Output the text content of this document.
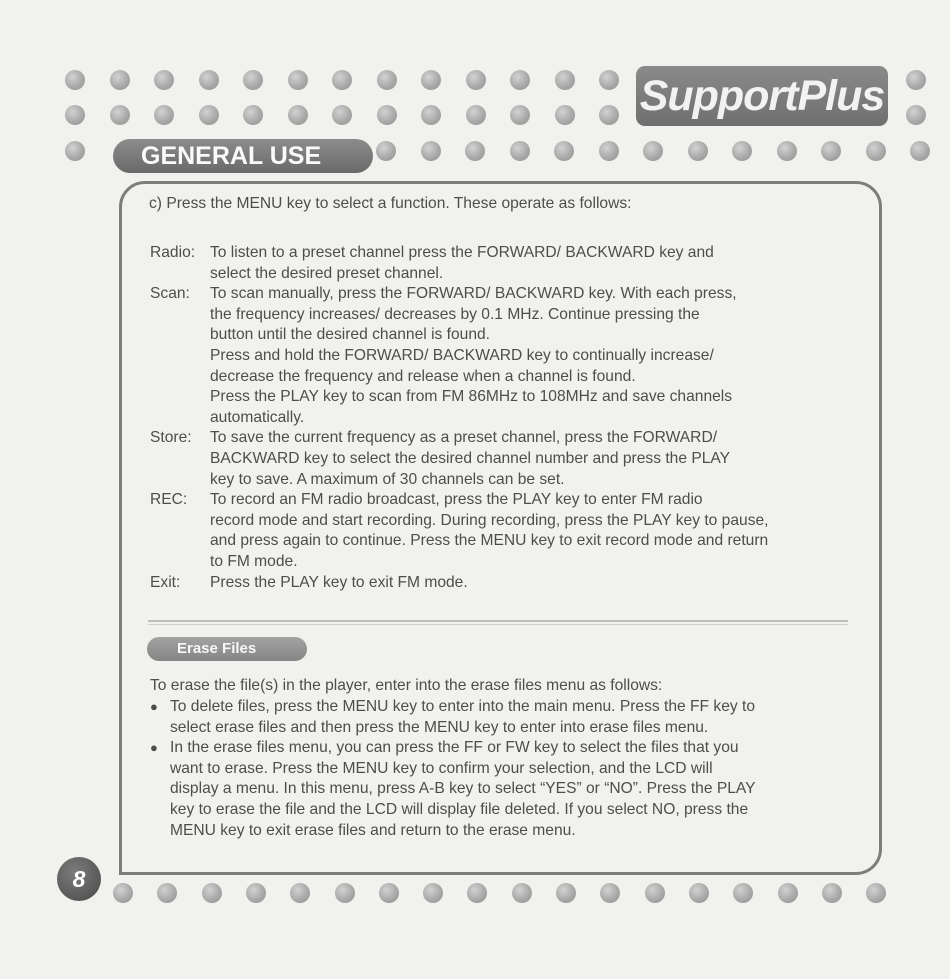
SupportPlus
GENERAL USE
c) Press the MENU key to select a function. These operate as follows:
Radio: To listen to a preset channel press the FORWARD/ BACKWARD key and

select the desired preset channel.

Scan:	To scan manually, press the FORWARD/ BACKWARD key. With each press,

the frequency increases/ decreases by 0.1 MHz. Continue pressing the

button until the desired channel is found.

Press and hold the FORWARD/ BACKWARD key to continually increase/

decrease the frequency and release when a channel is found.

Press the PLAY key to scan from FM 86MHz to 108MHz and save channels

automatically.

Store:	To save the current frequency as a preset channel, press the FORWARD/

BACKWARD key to select the desired channel number and press the PLAY

key to save. A maximum of 30 channels can be set.

REC:	To record an FM radio broadcast, press the PLAY key to enter FM radio

record mode and start recording. During recording, press the PLAY key to pause,

and press again to continue. Press the MENU key to exit record mode and return

to FM mode.

Exit:	Press the PLAY key to exit FM mode.

Erase Files
To erase the file(s) in the player, enter into the erase files menu as follows:
● To delete files, press the MENU key to enter into the main menu. Press the FF key to

select erase files and then press the MENU key to enter into erase files menu.

● In the erase files menu, you can press the FF or FW key to select the files that you

want to erase. Press the MENU key to confirm your selection, and the LCD will

display a menu. In this menu, press A-B key to select “YES” or “NO”. Press the PLAY

key to erase the file and the LCD will display file deleted. If you select NO, press the

MENU key to exit erase files and return to the erase menu.

8
